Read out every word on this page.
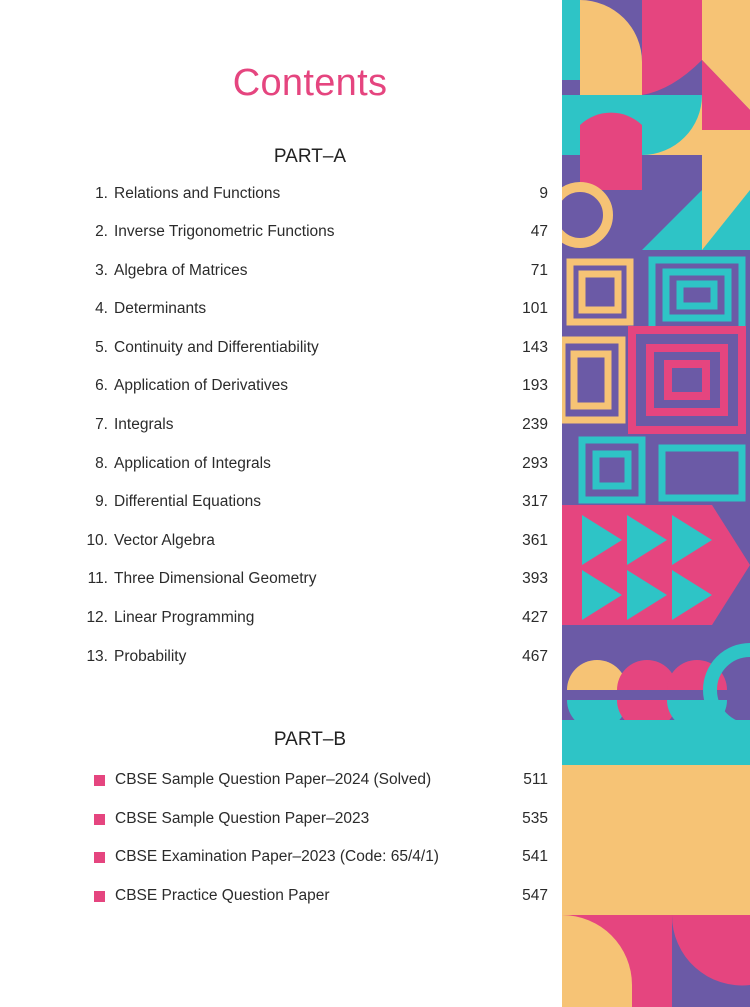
Contents
PART–A
1. Relations and Functions	9
2. Inverse Trigonometric Functions	47
3. Algebra of Matrices	71
4. Determinants	101
5. Continuity and Differentiability	143
6. Application of Derivatives	193
7. Integrals	239
8. Application of Integrals	293
9. Differential Equations	317
10. Vector Algebra	361
11. Three Dimensional Geometry	393
12. Linear Programming	427
13. Probability	467
PART–B
CBSE Sample Question Paper–2024 (Solved)	511
CBSE Sample Question Paper–2023	535
CBSE Examination Paper–2023 (Code: 65/4/1)	541
CBSE Practice Question Paper	547
